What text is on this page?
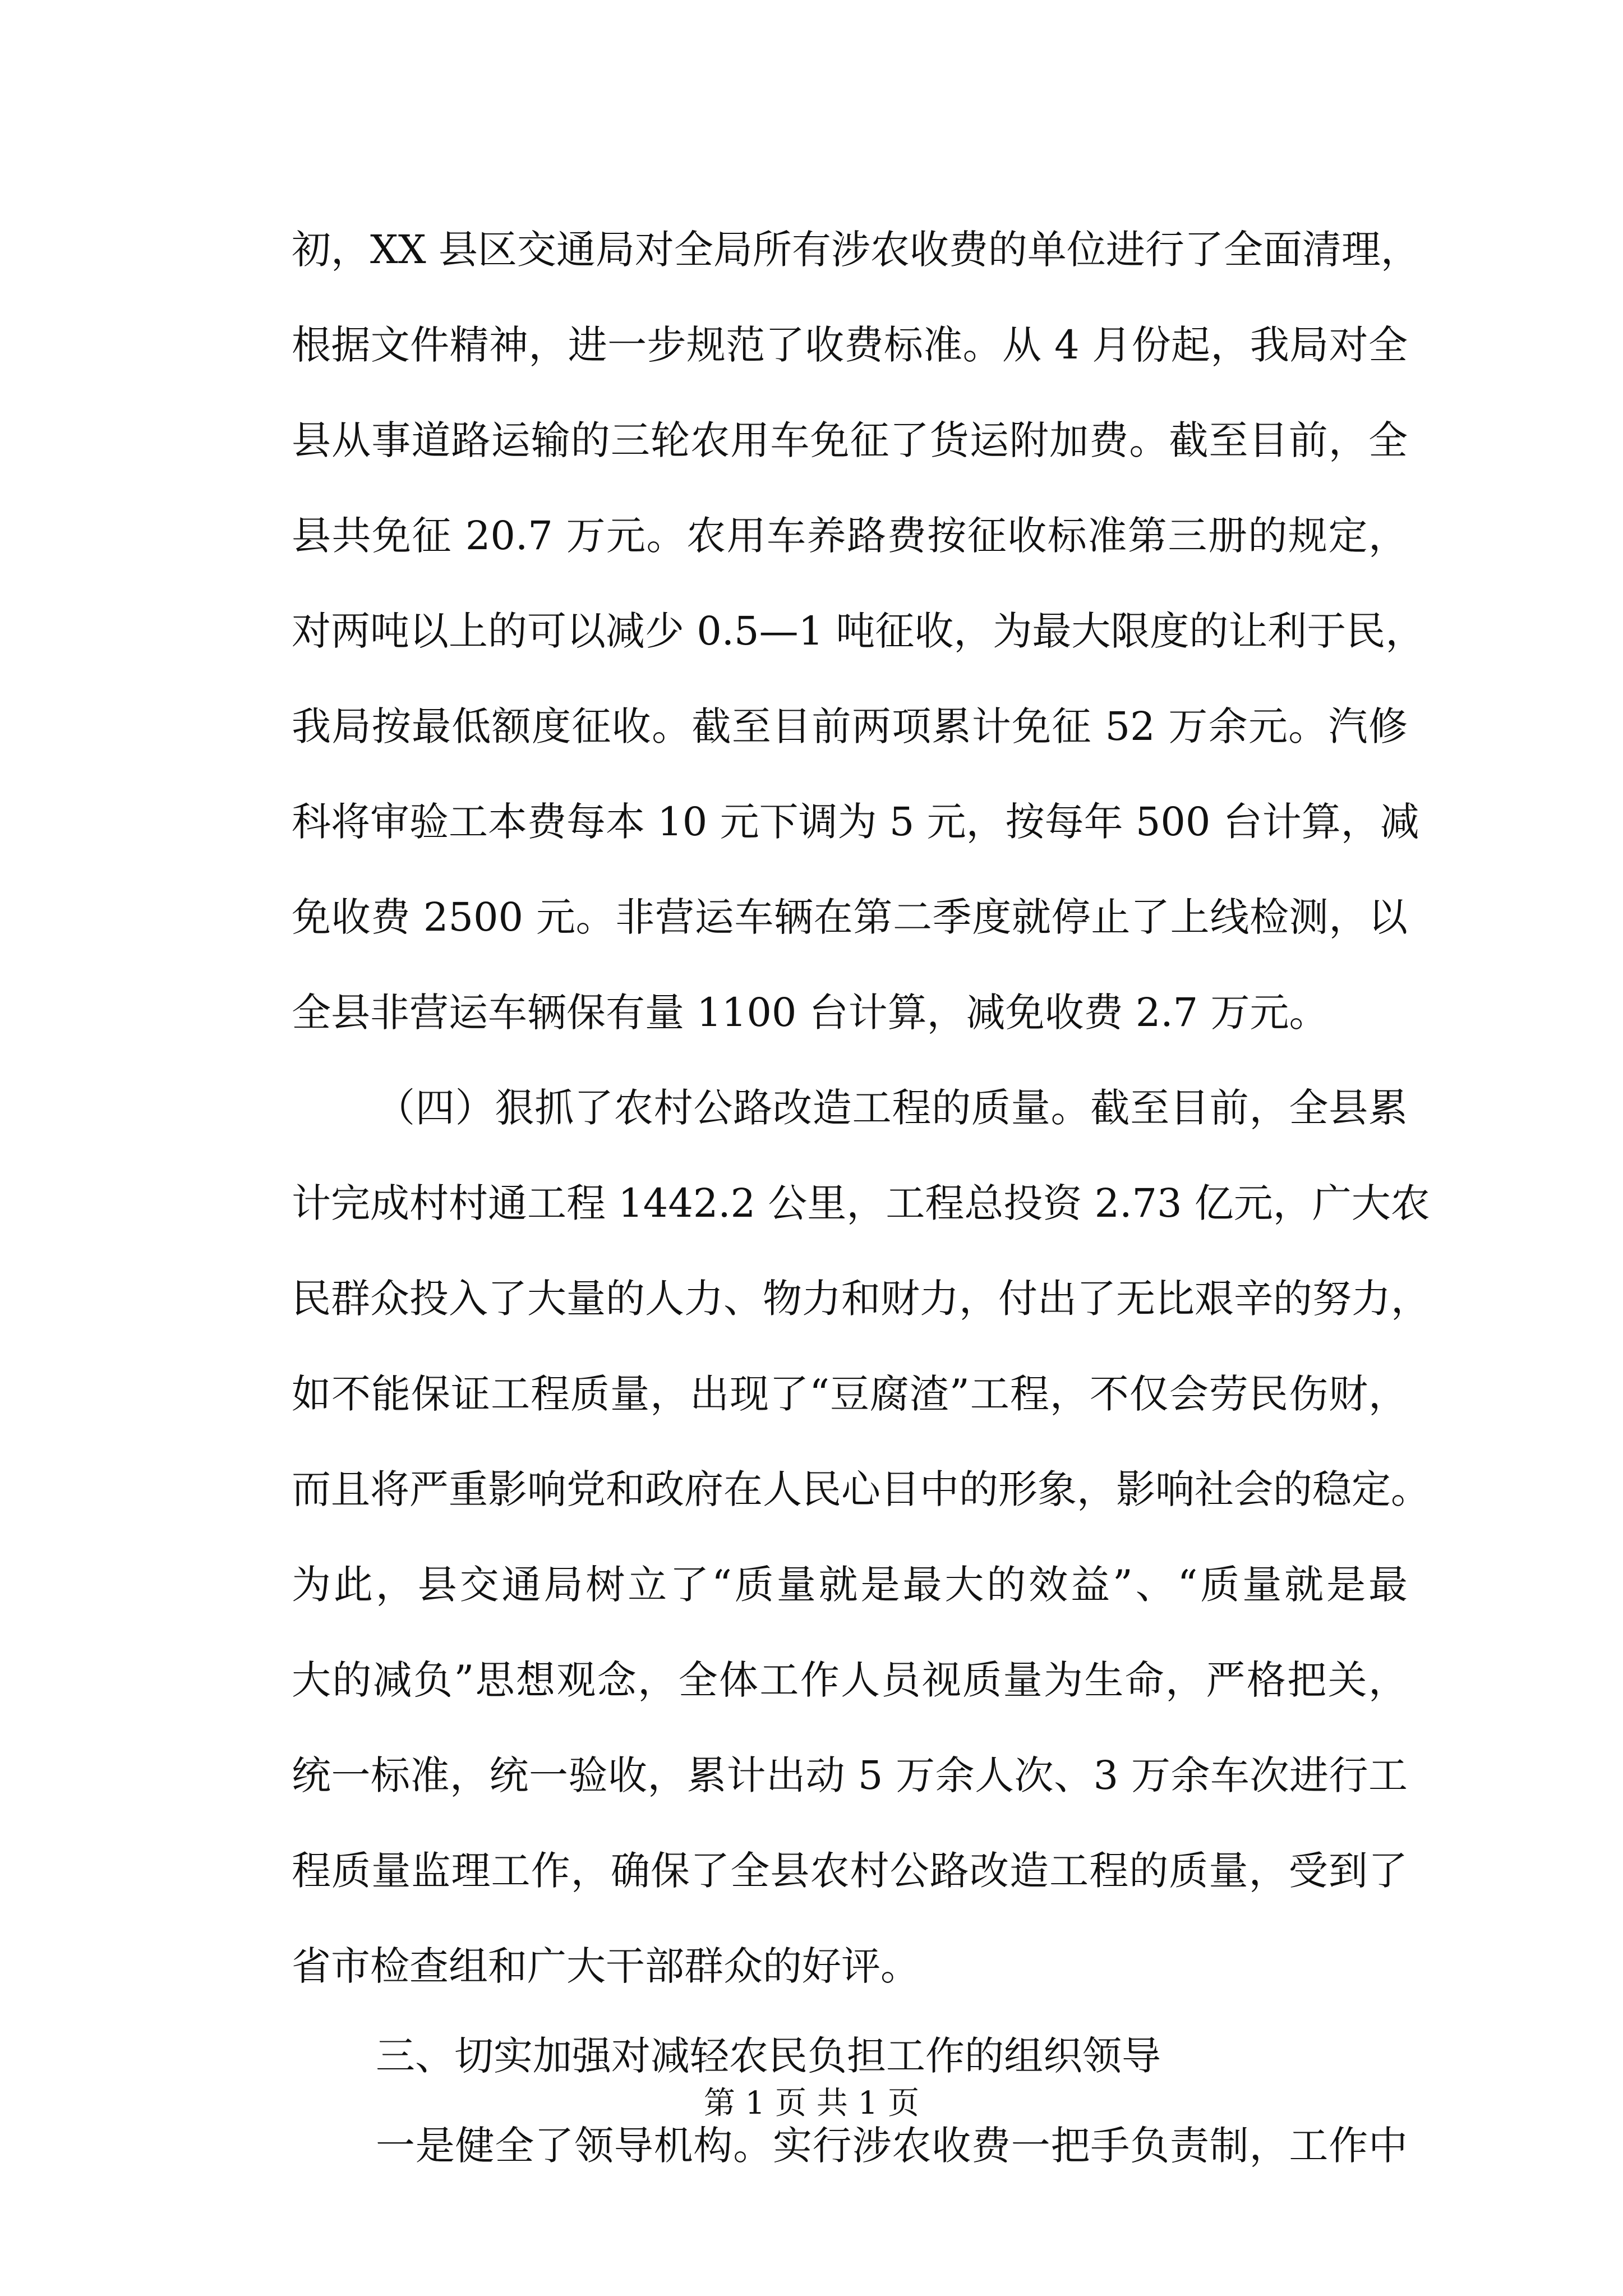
初，XX 县区交通局对全局所有涉农收费的单位进行了全面清理，
根据文件精神，进一步规范了收费标准。从 4 月份起，我局对全
县从事道路运输的三轮农用车免征了货运附加费。截至目前，全
县共免征 20.7 万元。农用车养路费按征收标准第三册的规定，
对两吨以上的可以减少 0.5—1 吨征收，为最大限度的让利于民，
我局按最低额度征收。截至目前两项累计免征 52 万余元。汽修
科将审验工本费每本 10 元下调为 5 元，按每年 500 台计算，减
免收费 2500 元。非营运车辆在第二季度就停止了上线检测，以
全县非营运车辆保有量 1100 台计算，减免收费 2.7 万元。
（四）狠抓了农村公路改造工程的质量。截至目前，全县累
计完成村村通工程 1442.2 公里，工程总投资 2.73 亿元，广大农
民群众投入了大量的人力、物力和财力，付出了无比艰辛的努力，
如不能保证工程质量，出现了“豆腐渣”工程，不仅会劳民伤财，
而且将严重影响党和政府在人民心目中的形象，影响社会的稳定。
为此，县交通局树立了“质量就是最大的效益”、“质量就是最
大的减负”思想观念，全体工作人员视质量为生命，严格把关，
统一标准，统一验收，累计出动 5 万余人次、3 万余车次进行工
程质量监理工作，确保了全县农村公路改造工程的质量，受到了
省市检查组和广大干部群众的好评。
三、切实加强对减轻农民负担工作的组织领导
一是健全了领导机构。实行涉农收费一把手负责制，工作中
第 1 页 共 1 页
